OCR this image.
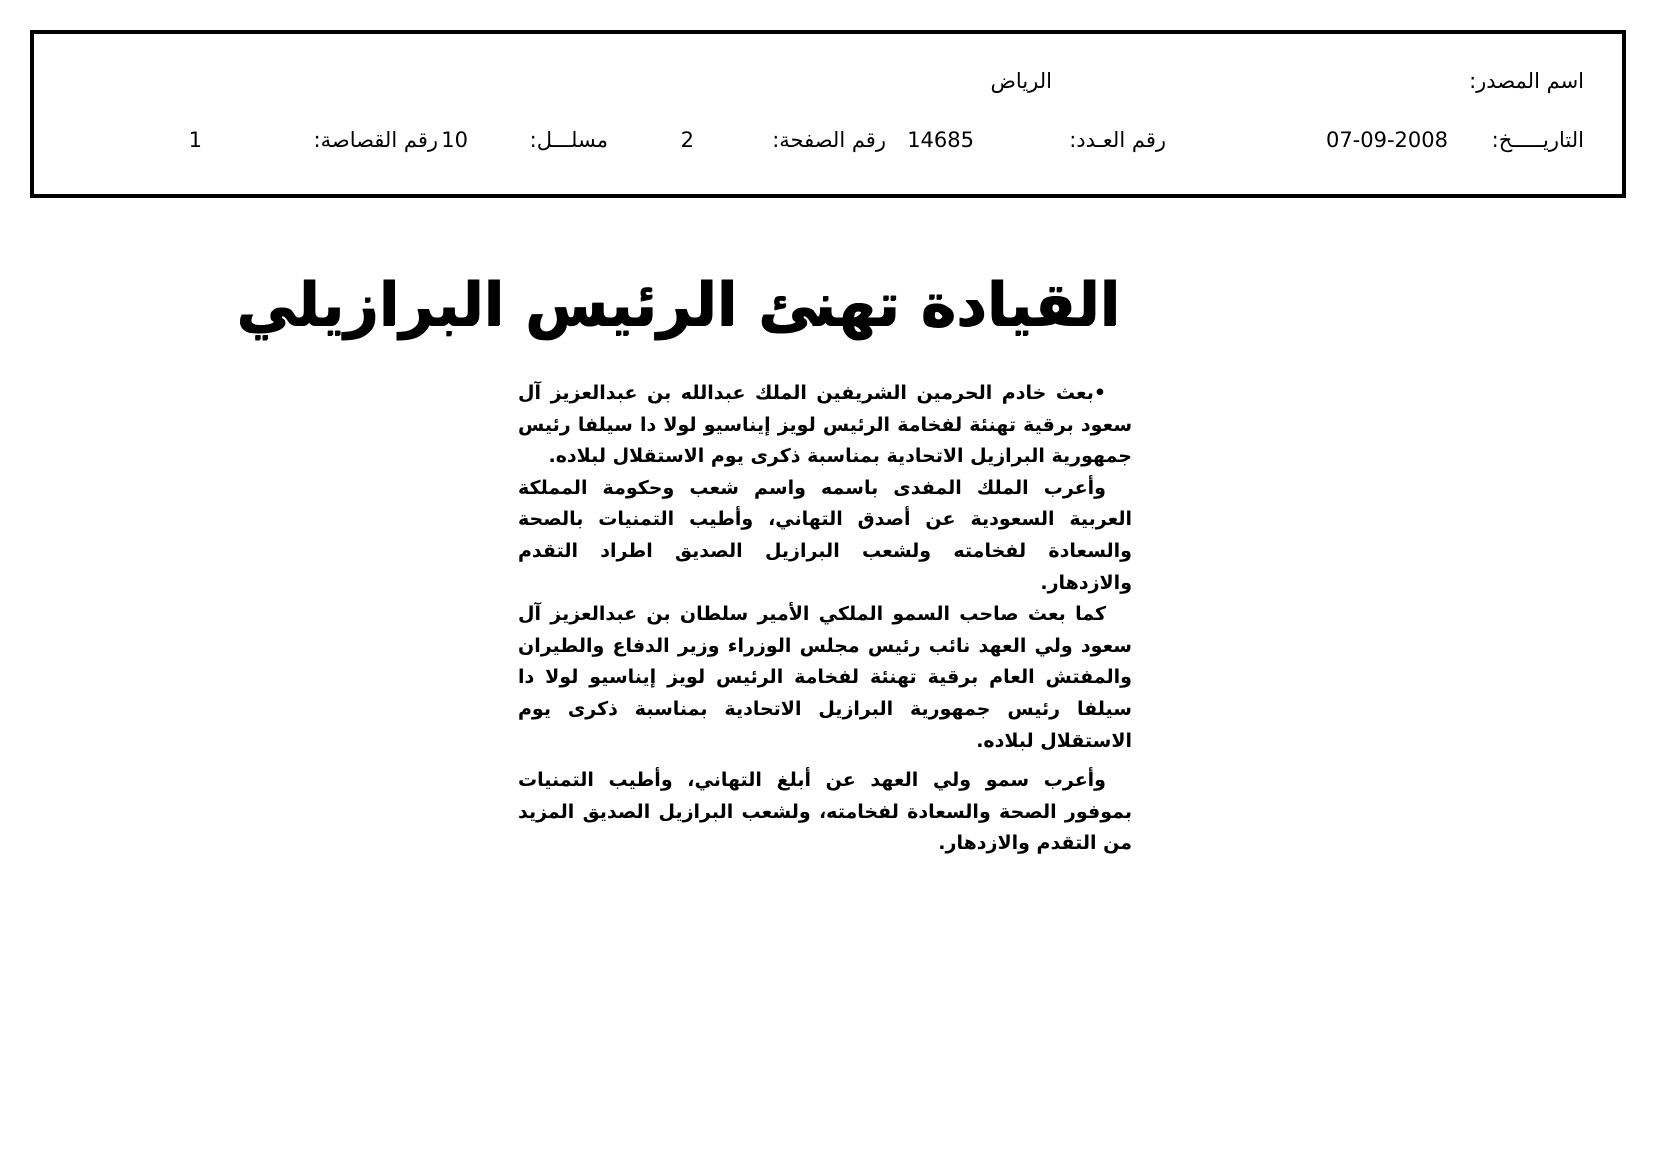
اسم المصدر:
الرياض
التاريـــــخ:
07-09-2008
رقم العـدد:
14685
رقم الصفحة:
2
مسلـــل:
10
رقم القصاصة:
1
القيادة تهنئ الرئيس البرازيلي

•بعث خادم الحرمين الشريفين الملك عبدالله بن عبدالعزيز آل سعود برقية تهنئة لفخامة الرئيس لويز إيناسيو لولا دا سيلفا رئيس جمهورية البرازيل الاتحادية بمناسبة ذكرى يوم الاستقلال لبلاده.

وأعرب الملك المفدى باسمه واسم شعب وحكومة المملكة العربية السعودية عن أصدق التهاني، وأطيب التمنيات بالصحة والسعادة لفخامته ولشعب البرازيل الصديق اطراد التقدم والازدهار.

كما بعث صاحب السمو الملكي الأمير سلطان بن عبدالعزيز آل سعود ولي العهد نائب رئيس مجلس الوزراء وزير الدفاع والطيران والمفتش العام برقية تهنئة لفخامة الرئيس لويز إيناسيو لولا دا سيلفا رئيس جمهورية البرازيل الاتحادية بمناسبة ذكرى يوم الاستقلال لبلاده.

وأعرب سمو ولي العهد عن أبلغ التهاني، وأطيب التمنيات بموفور الصحة والسعادة لفخامته، ولشعب البرازيل الصديق المزيد من التقدم والازدهار.
